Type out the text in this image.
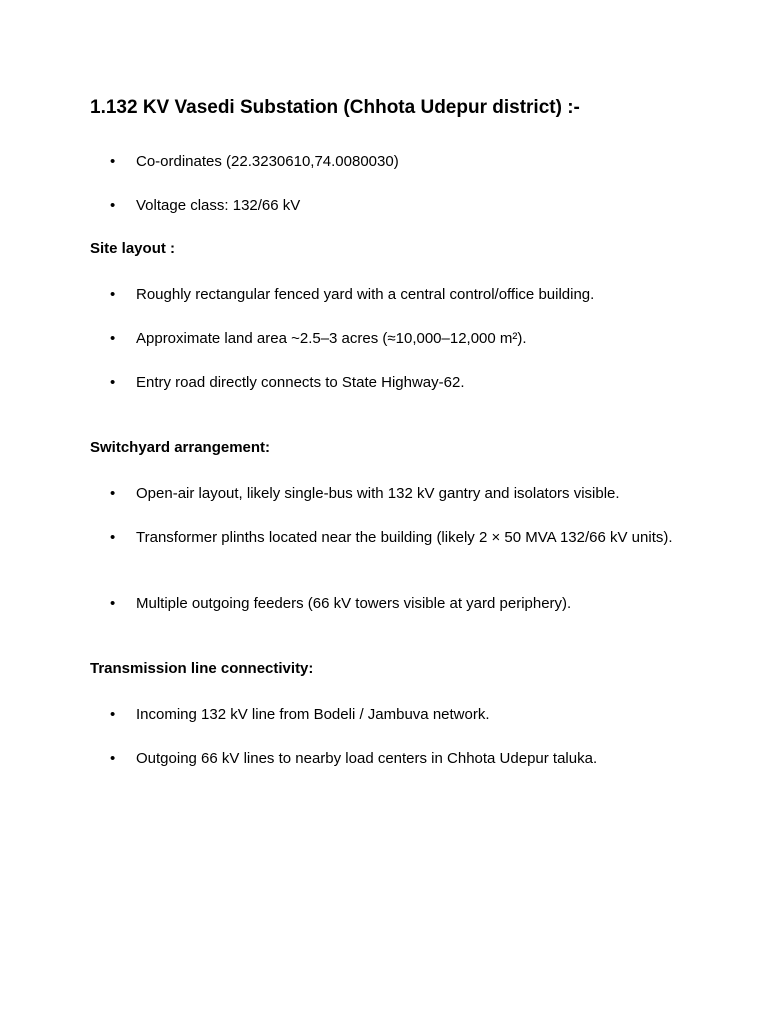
1.132 KV Vasedi Substation (Chhota Udepur district) :-
•	Co-ordinates (22.3230610,74.0080030)
•	Voltage class: 132/66 kV
Site layout :
•	Roughly rectangular fenced yard with a central control/office building.
•	Approximate land area ~2.5–3 acres (≈10,000–12,000 m²).
•	Entry road directly connects to State Highway-62.
Switchyard arrangement:
•	Open-air layout, likely single-bus with 132 kV gantry and isolators visible.
•	Transformer plinths located near the building (likely 2 × 50 MVA 132/66 kV units).
•	Multiple outgoing feeders (66 kV towers visible at yard periphery).
Transmission line connectivity:
•	Incoming 132 kV line from Bodeli / Jambuva network.
•	Outgoing 66 kV lines to nearby load centers in Chhota Udepur taluka.
